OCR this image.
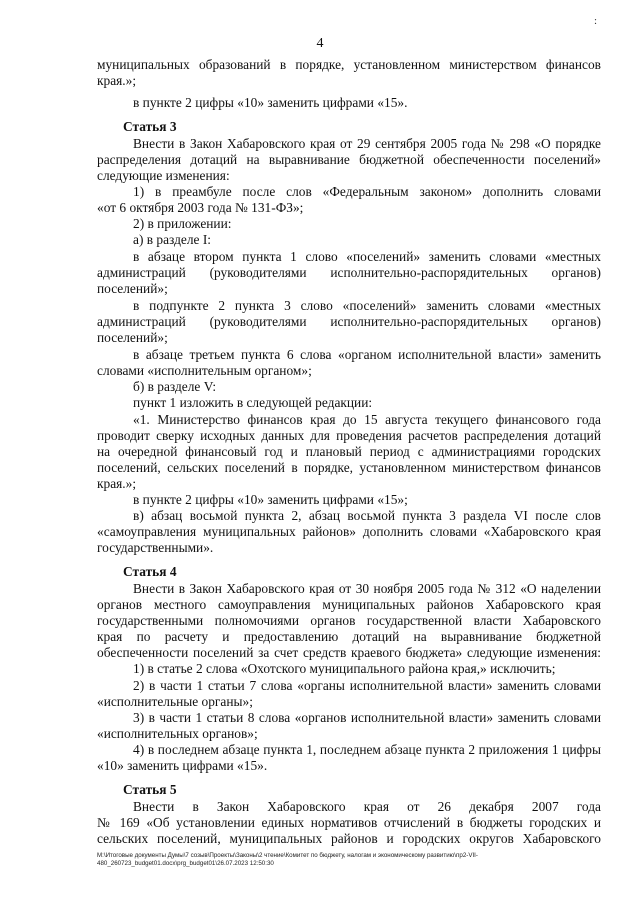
:
4
муниципальных образований в порядке, установленном министерством финансов
края.»;
в пункте 2 цифры «10» заменить цифрами «15».
Статья 3
Внести в Закон Хабаровского края от 29 сентября 2005 года № 298 «О порядке
распределения дотаций на выравнивание бюджетной обеспеченности поселений»
следующие изменения:
1) в преамбуле после слов «Федеральным законом» дополнить словами
«от 6 октября 2003 года № 131-ФЗ»;
2) в приложении:
а) в разделе I:
в абзаце втором пункта 1 слово «поселений» заменить словами «местных
администраций (руководителями исполнительно-распорядительных органов)
поселений»;
в подпункте 2 пункта 3 слово «поселений» заменить словами «местных
администраций (руководителями исполнительно-распорядительных органов)
поселений»;
в абзаце третьем пункта 6 слова «органом исполнительной власти» заменить
словами «исполнительным органом»;
б) в разделе V:
пункт 1 изложить в следующей редакции:
«1. Министерство финансов края до 15 августа текущего финансового года
проводит сверку исходных данных для проведения расчетов распределения дотаций
на очередной финансовый год и плановый период с администрациями городских
поселений, сельских поселений в порядке, установленном министерством финансов
края.»;
в пункте 2 цифры «10» заменить цифрами «15»;
в) абзац восьмой пункта 2, абзац восьмой пункта 3 раздела VI после слов
«самоуправления муниципальных районов» дополнить словами «Хабаровского края
государственными».
Статья 4
Внести в Закон Хабаровского края от 30 ноября 2005 года № 312 «О наделении
органов местного самоуправления муниципальных районов Хабаровского края
государственными полномочиями органов государственной власти Хабаровского
края по расчету и предоставлению дотаций на выравнивание бюджетной
обеспеченности поселений за счет средств краевого бюджета» следующие изменения:
1) в статье 2 слова «Охотского муниципального района края,» исключить;
2) в части 1 статьи 7 слова «органы исполнительной власти» заменить словами
«исполнительные органы»;
3) в части 1 статьи 8 слова «органов исполнительной власти» заменить словами
«исполнительных органов»;
4) в последнем абзаце пункта 1, последнем абзаце пункта 2 приложения 1 цифры
«10» заменить цифрами «15».
Статья 5
Внести в Закон Хабаровского края от 26 декабря 2007 года
№ 169 «Об установлении единых нормативов отчислений в бюджеты городских и
сельских поселений, муниципальных районов и городских округов Хабаровского
M:\Итоговые документы Думы\7 созыв\Проекты\Законы\2 чтение\Комитет по бюджету, налогам и экономическому развитию\пр2-VII-
480_260723_budget01.docx\prg_budget01\26.07.2023 12:50:30
